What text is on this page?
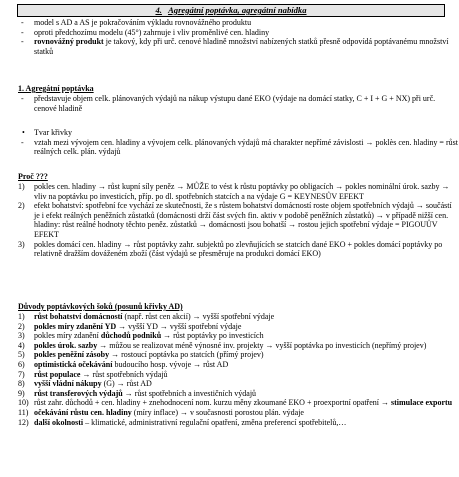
4. Agregátní poptávka, agregátní nabídka
- model s AD a AS je pokračováním výkladu rovnovážného produktu
- oproti předchozímu modelu (45°) zahrnuje i vliv proměnlivé cen. hladiny
- rovnovážný produkt je takový, kdy při urč. cenové hladině množství nabízených statků přesně odpovídá poptávanému množství statků
1. Agregátní poptávka
- představuje objem celk. plánovaných výdajů na nákup výstupu dané EKO (výdaje na domácí statky, C + I + G + NX) při urč. cenové hladině
• Tvar křivky
- vztah mezi vývojem cen. hladiny a vývojem celk. plánovaných výdajů má charakter nepřímé závislosti → poklès cen. hladiny = růst reálných celk. plán. výdajů
Proč ???
1) pokles cen. hladiny → růst kupní síly peněz → MŮŽE to vést k růstu poptávky po obligacích → pokles nominální úrok. sazby → vliv na poptávku po investicích, příp. po dl. spotřebních statcích a na výdaje G = KEYNESŮV EFEKT
2) efekt bohatství: spotřební fce vychází ze skutečnosti, že s růstem bohatství domácností roste objem spotřebních výdajů → součástí je i efekt reálných peněžních zůstatků (domácnosti drží část svých fin. aktiv v podobě peněžních zůstatků) → v případě nižší cen. hladiny: růst reálné hodnoty těchto peněz. zůstatků → domácnosti jsou bohatší → rostou jejich spotřební výdaje = PIGOUŮV EFEKT
3) pokles domácí cen. hladiny → růst poptávky zahr. subjektů po zlevňujících se statcích dané EKO + pokles domácí poptávky po relativně dražším dováženém zboží (část výdajů se přesměruje na produkci domácí EKO)
Důvody poptávkových šoků (posunů křivky AD)
1) růst bohatství domácností (např. růst cen akcií) → vyšší spotřební výdaje
2) pokles míry zdanění YD → vyšší YD → vyšší spotřební výdaje
3) pokles míry zdanění důchodů podniků → růst poptávky po investicích
4) pokles úrok. sazby → můžou se realizovat méně výnosné inv. projekty → vyšší poptávka po investicích (nepřímý projev)
5) pokles peněžní zásoby → rostoucí poptávka po statcích (přímý projev)
6) optimistická očekávání budoucího hosp. vývoje → růst AD
7) růst populace → růst spotřebních výdajů
8) vyšší vládní nákupy (G) → růst AD
9) růst transferových výdajů → růst spotřebních a investičních výdajů
10) růst zahr. důchodů + cen. hladiny + znehodnocení nom. kurzu měny zkoumané EKO + proexportní opatření → stimulace exportu
11) očekávání růstu cen. hladiny (míry inflace) → v současnosti porostou plán. výdaje
12) další okolnosti – klimatické, administrativní regulační opatření, změna preferencí spotřebitelů,…
